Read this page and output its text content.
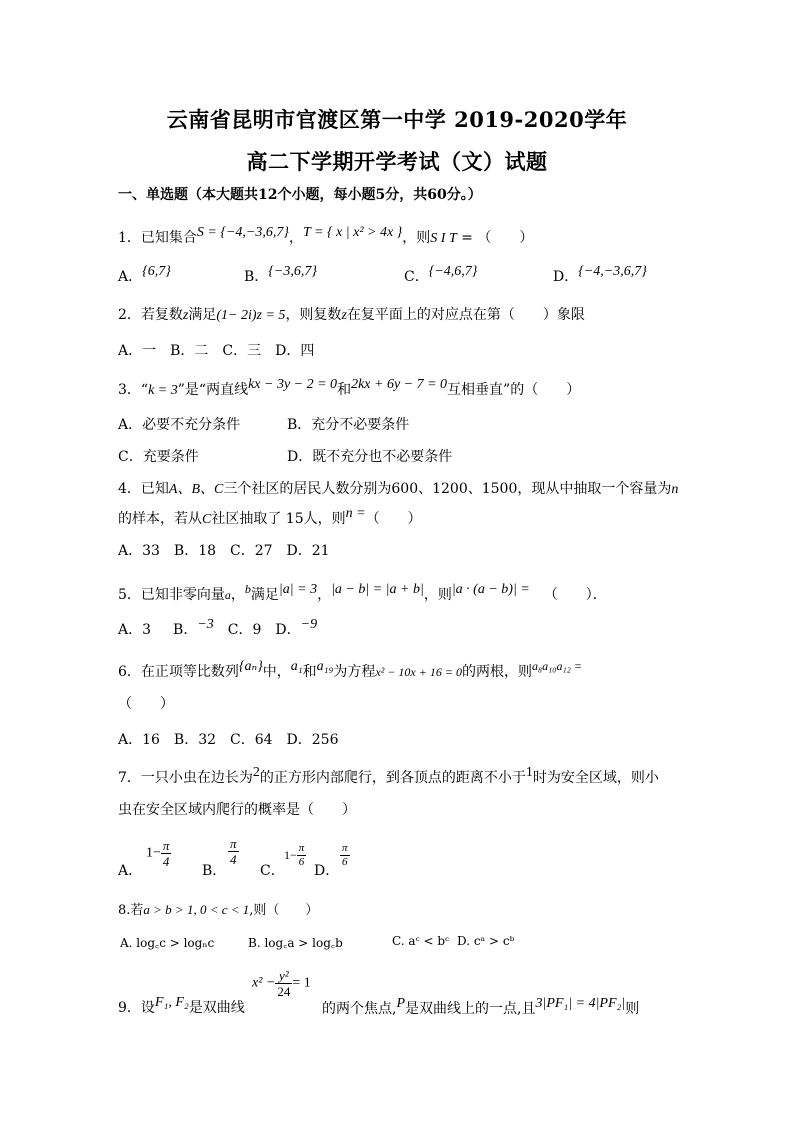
云南省昆明市官渡区第一中学 2019-2020学年
高二下学期开学考试（文）试题
一、单选题（本大题共12个小题，每小题5分，共60分。）
1．已知集合S = {−4,−3,6,7}，T = { x | x² > 4x }，则S I T = （　　）
A．{6,7}	B．{−3,6,7}	C．{−4,6,7}	D．{−4,−3,6,7}
2．若复数z满足(1− 2i)z = 5，则复数z在复平面上的对应点在第（　　）象限
A．一　B．二　C．三　D．四
3．“k = 3”是“两直线kx − 3y − 2 = 0和2kx + 6y − 7 = 0互相垂直”的（　　）
A．必要不充分条件	B．充分不必要条件
C．充要条件	D．既不充分也不必要条件
4．已知A、B、C三个社区的居民人数分别为600、1200、1500，现从中抽取一个容量为n
的样本，若从C社区抽取了 15人，则n =（　　）
A．33　B．18　C．27　D．21
5．已知非零向量a，b满足|a| = 3，|a − b| = |a + b|，则|a · (a − b)| = （　　）．
A．3 B．−3 C．9 D．−9
6．在正项等比数列{aₙ}中，a₁和a₁₉为方程x² − 10x + 16 = 0的两根，则a₈a₁₀a₁₂ =
（　　）
A．16　B．32　C．64　D．256
7．一只小虫在边长为2的正方形内部爬行，到各顶点的距离不小于1时为安全区域，则小
虫在安全区域内爬行的概率是（　　）
A．
$1- \frac{\pi}{4}$
B．
$\frac{\pi}{4}$
C．
$1- \frac{\pi}{6}$
D．
$\frac{\pi}{6}$
8.若a > b > 1, 0 < c < 1,则（　　）
A. log꜀c > logₙc	B. log꜀a > log꜀b	C. aᶜ < bᶜ D. cᵃ > cᵇ
9．设F₁, F₂是双曲线
$x^2 - \frac{\text{y²}}{24} = 1$
的两个焦点,P是双曲线上的一点,且3|PF₁| = 4|PF₂|则
